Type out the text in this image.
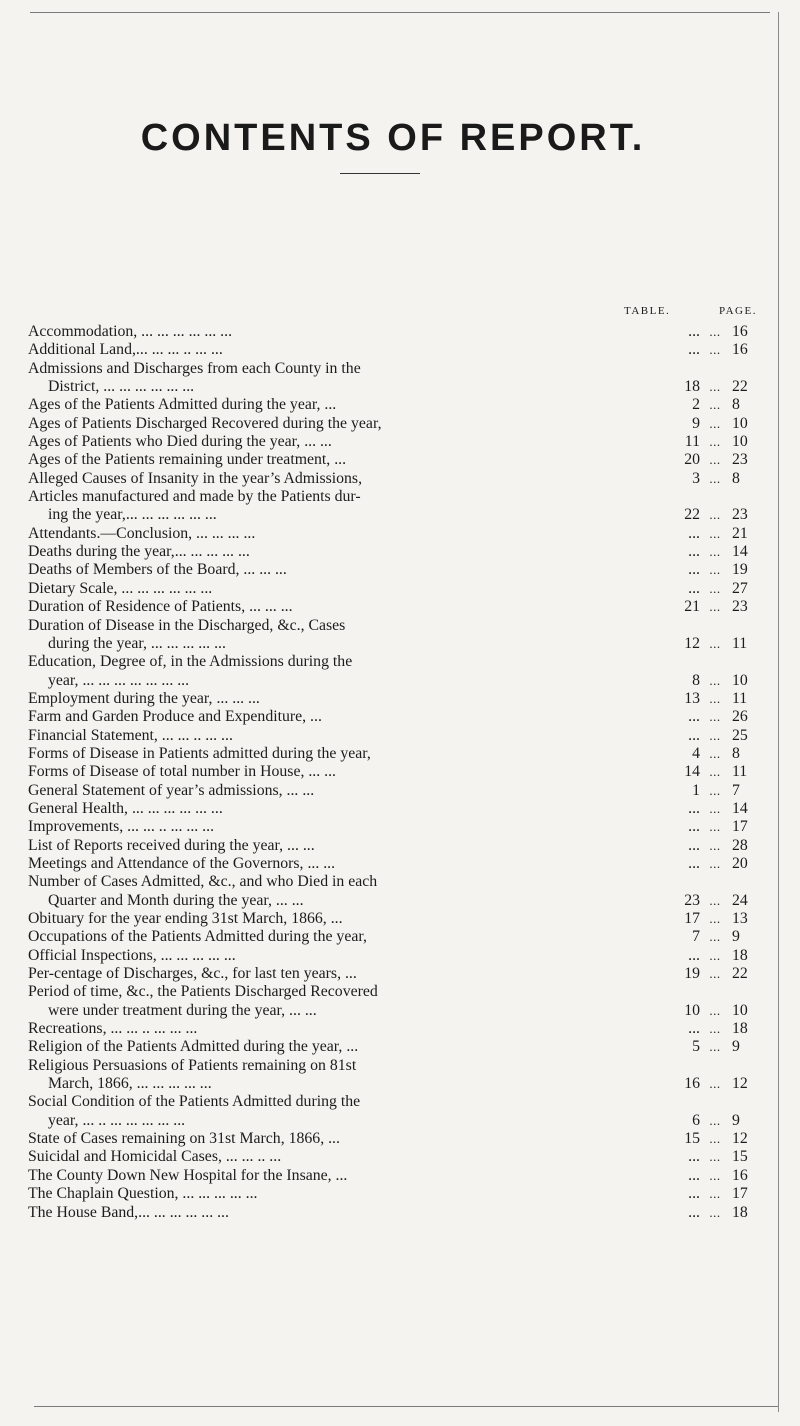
CONTENTS OF REPORT.
TABLE.	PAGE.
Accommodation, ... ... ... ... ... ...	... ... 16
Additional Land,... ... ... .. ... ...	... ... 16
Admissions and Discharges from each County in the
District, ... ... ... ... ... ...	18 ... 22
Ages of the Patients Admitted during the year, ...	2 ... 8
Ages of Patients Discharged Recovered during the year,	9 ... 10
Ages of Patients who Died during the year, ... ...	11 ... 10
Ages of the Patients remaining under treatment, ...	20 ... 23
Alleged Causes of Insanity in the year’s Admissions,	3 ... 8
Articles manufactured and made by the Patients dur-
ing the year,... ... ... ... ... ...	22 ... 23
Attendants.—Conclusion, ... ... ... ...	... ... 21
Deaths during the year,... ... ... ... ...	... ... 14
Deaths of Members of the Board, ... ... ...	... ... 19
Dietary Scale, ... ... ... ... ... ...	... ... 27
Duration of Residence of Patients, ... ... ...	21 ... 23
Duration of Disease in the Discharged, &c., Cases
during the year, ... ... ... ... ...	12 ... 11
Education, Degree of, in the Admissions during the
year, ... ... ... ... ... ... ...	8 ... 10
Employment during the year, ... ... ...	13 ... 11
Farm and Garden Produce and Expenditure, ...	... ... 26
Financial Statement, ... ... .. ... ...	... ... 25
Forms of Disease in Patients admitted during the year,	4 ... 8
Forms of Disease of total number in House, ... ...	14 ... 11
General Statement of year’s admissions, ... ...	1 ... 7
General Health, ... ... ... ... ... ...	... ... 14
Improvements, ... ... .. ... ... ...	... ... 17
List of Reports received during the year, ... ...	... ... 28
Meetings and Attendance of the Governors, ... ...	... ... 20
Number of Cases Admitted, &c., and who Died in each
Quarter and Month during the year, ... ...	23 ... 24
Obituary for the year ending 31st March, 1866, ...	17 ... 13
Occupations of the Patients Admitted during the year,	7 ... 9
Official Inspections, ... ... ... ... ...	... ... 18
Per-centage of Discharges, &c., for last ten years, ...	19 ... 22
Period of time, &c., the Patients Discharged Recovered
were under treatment during the year, ... ...	10 ... 10
Recreations, ... ... .. ... ... ...	... ... 18
Religion of the Patients Admitted during the year, ...	5 ... 9
Religious Persuasions of Patients remaining on 81st
March, 1866, ... ... ... ... ...	16 ... 12
Social Condition of the Patients Admitted during the
year, ... .. ... ... ... ... ...	6 ... 9
State of Cases remaining on 31st March, 1866, ...	15 ... 12
Suicidal and Homicidal Cases, ... ... .. ...	... ... 15
The County Down New Hospital for the Insane, ...	... ... 16
The Chaplain Question, ... ... ... ... ...	... ... 17
The House Band,... ... ... ... ... ...	... ... 18
